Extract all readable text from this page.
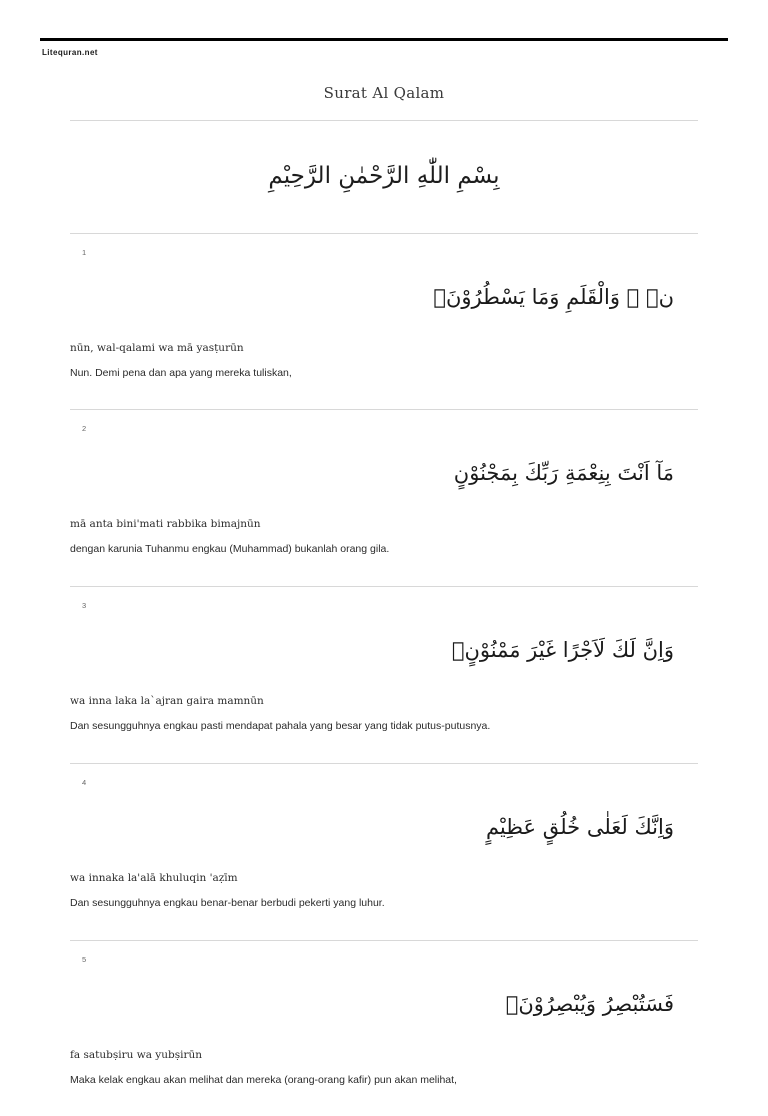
Litequran.net
Surat Al Qalam
بِسْمِ اللّٰهِ الرَّحْمٰنِ الرَّحِيْمِ
1
نۤ ۚ وَالْقَلَمِ وَمَا يَسْطُرُوْنَۙ
nūn, wal-qalami wa mā yasṭurūn
Nun. Demi pena dan apa yang mereka tuliskan,
2
مَآ اَنْتَ بِنِعْمَةِ رَبِّكَ بِمَجْنُوْنٍ
mā anta bini'mati rabbika bimajnūn
dengan karunia Tuhanmu engkau (Muhammad) bukanlah orang gila.
3
وَاِنَّ لَكَ لَاَجْرًا غَيْرَ مَمْنُوْنٍۚ
wa inna laka la`ajran gaira mamnūn
Dan sesungguhnya engkau pasti mendapat pahala yang besar yang tidak putus-putusnya.
4
وَاِنَّكَ لَعَلٰى خُلُقٍ عَظِيْمٍ
wa innaka la'alā khuluqin 'aẓīm
Dan sesungguhnya engkau benar-benar berbudi pekerti yang luhur.
5
فَسَتُبْصِرُ وَيُبْصِرُوْنَۙ
fa satubṣiru wa yubṣirūn
Maka kelak engkau akan melihat dan mereka (orang-orang kafir) pun akan melihat,
